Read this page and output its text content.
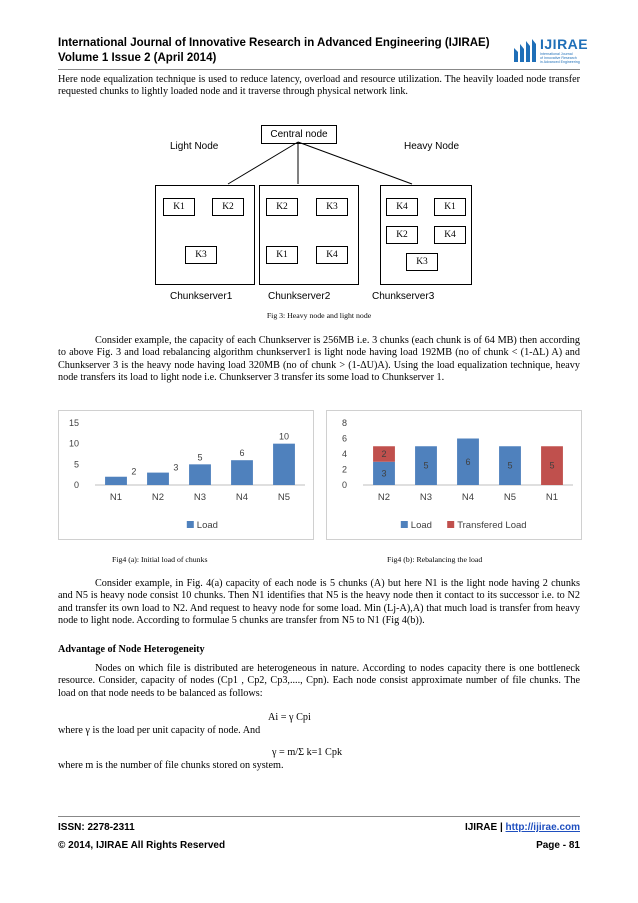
International Journal of Innovative Research in Advanced Engineering (IJIRAE)
Volume 1 Issue 2 (April 2014)
IJIRAE
International Journal
of Innovative Research
in Advanced Engineering
Here node equalization technique is used to reduce latency, overload and resource utilization. The heavily loaded node transfer requested chunks to lightly loaded node and it traverse through physical network link.
Central node
Light Node	Heavy Node
K1	K2
K3
K2	K3
K1	K4
K4	K1
K2	K4
K3
Chunkserver1	Chunkserver2	Chunkserver3
Fig 3: Heavy node and light node
Consider example, the capacity of each Chunkserver is 256MB i.e. 3 chunks (each chunk is of 64 MB) then according to above Fig. 3 and load rebalancing algorithm chunkserver1 is light node having load 192MB (no of chunk < (1-ΔL) A) and Chunkserver 3 is the heavy node having load 320MB (no of chunk > (1-ΔU)A). Using the load equalization technique, heavy node transfers its load to light node i.e. Chunkserver 3 transfer its some load to Chunkserver 1.
0
5
10
15
2
N1
3
N2
5
N3
6
N4
10
N5
Load
0
2
4
6
8
3
2
N2
5
N3
6
N4
5
N5
5
N1
Load	Transfered Load
Fig4 (a): Initial load of chunks	Fig4 (b): Rebalancing the load
Consider example, in Fig. 4(a) capacity of each node is 5 chunks (A) but here N1 is the light node having 2 chunks and N5 is heavy node consist 10 chunks. Then N1 identifies that N5 is the heavy node then it contact to its successor i.e. to N2 and transfer its own load to N2. And request to heavy node for some load. Min (Lj-A),A) that much load is transfer from heavy node to light node. According to formulae 5 chunks are transfer from N5 to N1 (Fig 4(b)).
Advantage of Node Heterogeneity
Nodes on which file is distributed are heterogeneous in nature. According to nodes capacity there is one bottleneck resource. Consider, capacity of nodes (Cp1 , Cp2, Cp3,...., Cpn). Each node consist approximate number of file chunks. The load on that node needs to be balanced as follows:
Ai = γ Cpi
where γ is the load per unit capacity of node. And
γ = m/Σ k=1 Cpk
where m is the number of file chunks stored on system.
ISSN: 2278-2311
© 2014, IJIRAE All Rights Reserved
IJIRAE | http://ijirae.com
Page - 81
